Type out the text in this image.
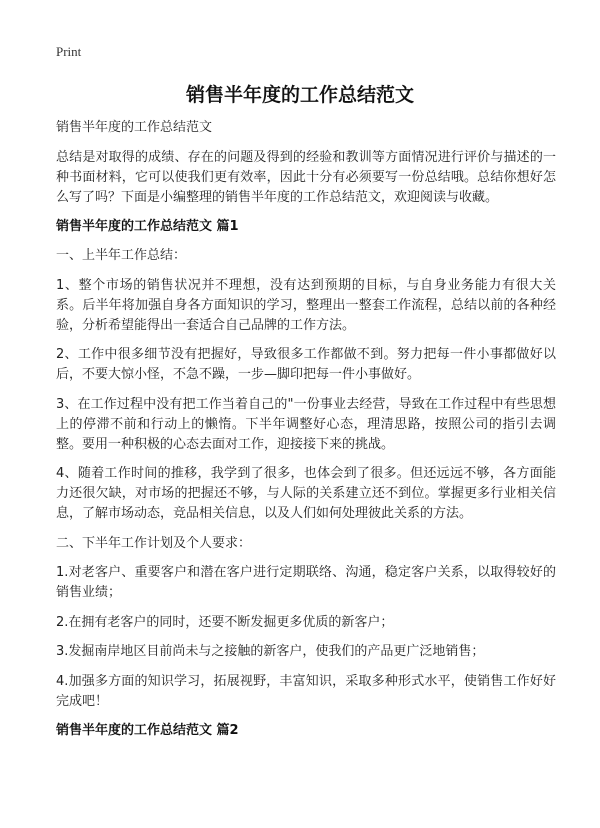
Print
销售半年度的工作总结范文

销售半年度的工作总结范文

总结是对取得的成绩、存在的问题及得到的经验和教训等方面情况进行评价与描述的一种书面材料，它可以使我们更有效率，因此十分有必须要写一份总结哦。总结你想好怎么写了吗？下面是小编整理的销售半年度的工作总结范文，欢迎阅读与收藏。

销售半年度的工作总结范文 篇1

一、上半年工作总结：

1、整个市场的销售状况并不理想，没有达到预期的目标，与自身业务能力有很大关系。后半年将加强自身各方面知识的学习，整理出一整套工作流程，总结以前的各种经验，分析希望能得出一套适合自己品牌的工作方法。

2、工作中很多细节没有把握好，导致很多工作都做不到。努力把每一件小事都做好以后，不要大惊小怪，不急不躁，一步—脚印把每一件小事做好。

3、在工作过程中没有把工作当着自己的"一份事业去经营，导致在工作过程中有些思想上的停滞不前和行动上的懒惰。下半年调整好心态，理清思路，按照公司的指引去调整。要用一种积极的心态去面对工作，迎接接下来的挑战。

4、随着工作时间的推移，我学到了很多，也体会到了很多。但还远远不够，各方面能力还很欠缺，对市场的把握还不够，与人际的关系建立还不到位。掌握更多行业相关信息，了解市场动态，竞品相关信息，以及人们如何处理彼此关系的方法。

二、下半年工作计划及个人要求：

1.对老客户、重要客户和潜在客户进行定期联络、沟通，稳定客户关系，以取得较好的销售业绩；

2.在拥有老客户的同时，还要不断发掘更多优质的新客户；

3.发掘南岸地区目前尚未与之接触的新客户，使我们的产品更广泛地销售；

4.加强多方面的知识学习，拓展视野，丰富知识，采取多种形式水平，使销售工作好好完成吧！

销售半年度的工作总结范文 篇2
